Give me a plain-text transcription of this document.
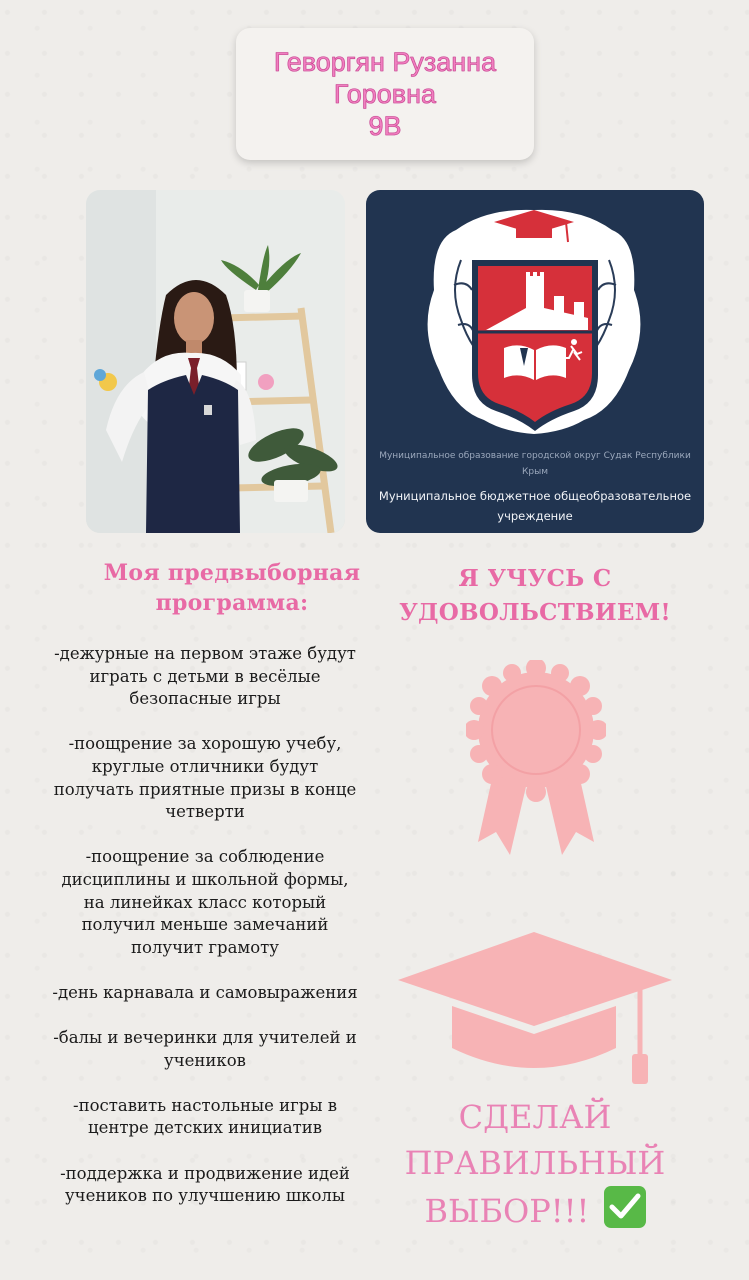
Геворгян Рузанна
Горовна
9В
Муниципальное образование городской округ Судак Республики Крым
Муниципальное бюджетное общеобразовательное учреждение
Моя предвыборная программа:

-дежурные на первом этаже будут играть с детьми в весёлые безопасные игры

-поощрение за хорошую учебу, круглые отличники будут получать приятные призы в конце четверти

-поощрение за соблюдение дисциплины и школьной формы, на линейках класс который получил меньше замечаний получит грамоту

-день карнавала и самовыражения

-балы и вечеринки для учителей и учеников

-поставить настольные игры в центре детских инициатив

-поддержка и продвижение идей учеников по улучшению школы

Я УЧУСЬ С УДОВОЛЬСТВИЕМ!
СДЕЛАЙ ПРАВИЛЬНЫЙ ВЫБОР!!!
